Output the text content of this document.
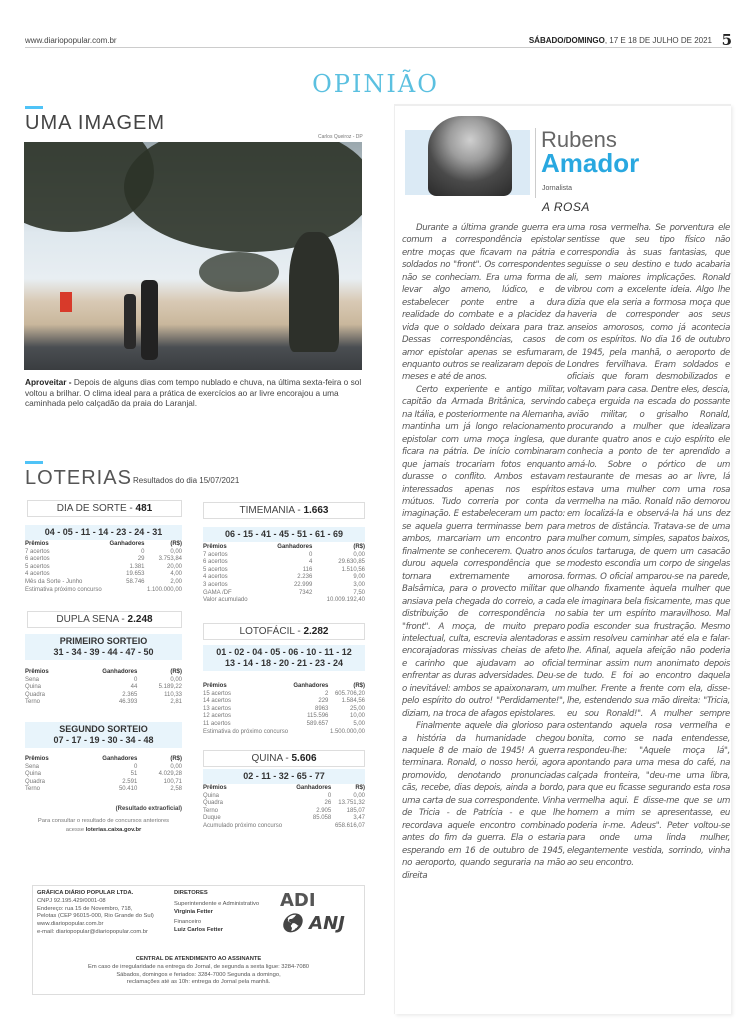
www.diariopopular.com.br	SÁBADO/DOMINGO, 17 E 18 DE JULHO DE 2021 5
OPINIÃO
UMA IMAGEM
Carlos Queiroz - DP
Aproveitar - Depois de alguns dias com tempo nublado e chuva, na última sexta-feira o sol voltou a brilhar. O clima ideal para a prática de exercícios ao ar livre encorajou a uma caminhada pelo calçadão da praia do Laranjal.
LOTERIAS Resultados do dia 15/07/2021
DIA DE SORTE - 481
04 - 05 - 11 - 14 - 23 - 24 - 31
Prêmios	Ganhadores	(R$)
7 acertos	0	0,00
6 acertos	29	3.753,84
5 acertos	1.381	20,00
4 acertos	19.653	4,00
Mês da Sorte - Junho	58.746	2,00
Estimativa próximo concurso		1.100.000,00
TIMEMANIA - 1.663
06 - 15 - 41 - 45 - 51 - 61 - 69
Prêmios	Ganhadores	(R$)
7 acertos	0	0,00
6 acertos	4	29.630,85
5 acertos	116	1.510,56
4 acertos	2.236	9,00
3 acertos	22.999	3,00
GAMA /DF	7342	7,50
Valor acumulado		10.009.192,40
DUPLA SENA - 2.248
PRIMEIRO SORTEIO
31 - 34 - 39 - 44 - 47 - 50
Prêmios	Ganhadores	(R$)
Sena	0	0,00
Quina	44	5.189,22
Quadra	2.365	110,33
Terno	46.393	2,81
SEGUNDO SORTEIO
07 - 17 - 19 - 30 - 34 - 48
Prêmios	Ganhadores	(R$)
Sena	0	0,00
Quina	51	4.029,28
Quadra	2.591	100,71
Terno	50.410	2,58
(Resultado extraoficial)
Para consultar o resultado de concursos anteriores
acesse loterias.caixa.gov.br
LOTOFÁCIL - 2.282
01 - 02 - 04 - 05 - 06 - 10 - 11 - 12
13 - 14 - 18 - 20 - 21 - 23 - 24
Prêmios	Ganhadores	(R$)
15 acertos	2	605.706,20
14 acertos	229	1.584,56
13 acertos	8963	25,00
12 acertos	115.596	10,00
11 acertos	589.657	5,00
Estimativa do próximo concurso		1.500.000,00
QUINA - 5.606
02 - 11 - 32 - 65 - 77
Prêmios	Ganhadores	R$)
Quina	0	0,00
Quadra	26	13.751,32
Terno	2.905	185,07
Duque	85.058	3,47
Acumulado próximo concurso		658.616,07
GRÁFICA DIÁRIO POPULAR LTDA.
CNPJ 92.195.429/0001-08
Endereço: rua 15 de Novembro, 718,
Pelotas (CEP 96015-000, Rio Grande do Sul)
www.diariopopular.com.br
e-mail: diariopopular@diariopopular.com.br
DIRETORES

Superintendente e Administrativo
Virginia Fetter

Financeiro
Luiz Carlos Fetter
ADI
🌎︎ ANJ
CENTRAL DE ATENDIMENTO AO ASSINANTE
Em caso de irregularidade na entrega do Jornal, de segunda a sexta ligue: 3284-7080
Sábados, domingos e feriados: 3284-7000 Segunda a domingo,
reclamações até as 10h: entrega do Jornal pela manhã.
Rubens
Amador
Jornalista
A ROSA

Durante a última grande guerra era comum a correspondência epistolar entre moças que ficavam na pátria e soldados no "front". Os correspondentes não se conheciam. Era uma forma de levar algo ameno, lúdico, e de estabelecer ponte entre a dura realidade do combate e a placidez da vida que o soldado deixara para traz. Dessas correspondências, casos de amor epistolar apenas se esfumaram, enquanto outros se realizaram depois de meses e até de anos.

Certo experiente e antigo militar, capitão da Armada Britânica, servindo na Itália, e posteriormente na Alemanha, mantinha um já longo relacionamento epistolar com uma moça inglesa, que ficara na pátria. De início combinaram que jamais trocariam fotos enquanto durasse o conflito. Ambos estavam interessados apenas nos espíritos mútuos. Tudo correria por conta da imaginação. E estabeleceram um pacto: se aquela guerra terminasse bem para ambos, marcariam um encontro para finalmente se conhecerem. Quatro anos durou aquela correspondência que se tornara extremamente amorosa. Balsâmica, para o provecto militar que ansiava pela chegada do correio, a cada distribuição de correspondência no "front". A moça, de muito preparo intelectual, culta, escrevia alentadoras e encorajadoras missivas cheias de afeto e carinho que ajudavam ao oficial enfrentar as duras adversidades. Deu-se o inevitável: ambos se apaixonaram, um pelo espírito do outro! "Perdidamente!", diziam, na troca de afagos epistolares.

Finalmente aquele dia glorioso para a história da humanidade chegou naquele 8 de maio de 1945! A guerra terminara. Ronald, o nosso herói, agora promovido, denotando pronunciadas cãs, recebe, dias depois, ainda a bordo, uma carta de sua correspondente. Vinha de Tricia - de Patrícia - e que lhe recordava aquele encontro combinado antes do fim da guerra. Ela o estaria esperando em 16 de outubro de 1945, no aeroporto, quando seguraria na mão direita

uma rosa vermelha. Se porventura ele sentisse que seu tipo físico não correspondia às suas fantasias, que seguisse o seu destino e tudo acabaria ali, sem maiores implicações. Ronald vibrou com a excelente ideia. Algo lhe dizia que ela seria a formosa moça que haveria de corresponder aos seus anseios amorosos, como já acontecia com os espíritos. No dia 16 de outubro de 1945, pela manhã, o aeroporto de Londres fervilhava. Eram soldados e oficiais que foram desmobilizados e voltavam para casa. Dentre eles, descia, cabeça erguida na escada do possante avião militar, o grisalho Ronald, procurando a mulher que idealizara durante quatro anos e cujo espírito ele conhecia a ponto de ter aprendido a amá-lo. Sobre o pórtico de um restaurante de mesas ao ar livre, lá estava uma mulher com uma rosa vermelha na mão. Ronald não demorou em localizá-la e observá-la há uns dez metros de distância. Tratava-se de uma mulher comum, simples, sapatos baixos, óculos tartaruga, de quem um casacão modesto escondia um corpo de singelas formas. O oficial amparou-se na parede, olhando fixamente àquela mulher que ele imaginara bela fisicamente, mas que sabia ter um espírito maravilhoso. Mal podia esconder sua frustração. Mesmo assim resolveu caminhar até ela e falar-lhe. Afinal, aquela afeição não poderia terminar assim num anonimato depois de tudo. E foi ao encontro daquela mulher. Frente a frente com ela, disse-lhe, estendendo sua mão direita: "Tricia, eu sou Ronald!". A mulher sempre ostentando aquela rosa vermelha e bonita, como se nada entendesse, respondeu-lhe: "Aquele moça lá", apontando para uma mesa do café, na calçada fronteira, "deu-me uma libra, para que eu ficasse segurando esta rosa vermelha aqui. E disse-me que se um homem a mim se apresentasse, eu poderia ir-me. Adeus". Peter voltou-se para onde uma linda mulher, elegantemente vestida, sorrindo, vinha ao seu encontro.
